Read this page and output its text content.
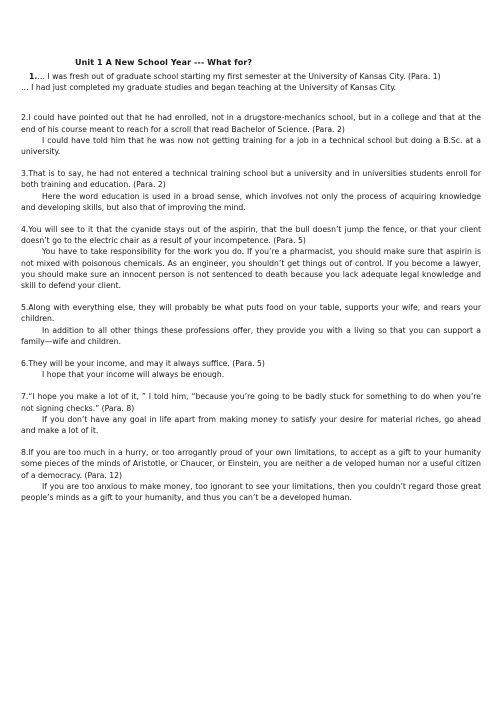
Unit 1 A New School Year --- What for?

1.… I was fresh out of graduate school starting my first semester at the University of Kansas City. (Para. 1)

… I had just completed my graduate studies and began teaching at the University of Kansas City.

2.I could have pointed out that he had enrolled, not in a drugstore-mechanics school, but in a college and that at the end of his course meant to reach for a scroll that read Bachelor of Science. (Para. 2)

I could have told him that he was now not getting training for a job in a technical school but doing a B.Sc. at a university.

3.That is to say, he had not entered a technical training school but a university and in universities students enroll for both training and education. (Para. 2)

Here the word education is used in a broad sense, which involves not only the process of acquiring knowledge and developing skills, but also that of improving the mind.

4.You will see to it that the cyanide stays out of the aspirin, that the bull doesn’t jump the fence, or that your client doesn’t go to the electric chair as a result of your incompetence. (Para. 5)

You have to take responsibility for the work you do. If you’re a pharmacist, you should make sure that aspirin is not mixed with poisonous chemicals. As an engineer, you shouldn’t get things out of control. If you become a lawyer, you should make sure an innocent person is not sentenced to death because you lack adequate legal knowledge and skill to defend your client.

5.Along with everything else, they will probably be what puts food on your table, supports your wife, and rears your children.

In addition to all other things these professions offer, they provide you with a living so that you can support a family—wife and children.

6.They will be your income, and may it always suffice. (Para. 5)

I hope that your income will always be enough.

7.“I hope you make a lot of it, ” I told him, “because you’re going to be badly stuck for something to do when you’re not signing checks.” (Para. 8)

If you don’t have any goal in life apart from making money to satisfy your desire for material riches, go ahead and make a lot of it.

8.If you are too much in a hurry, or too arrogantly proud of your own limitations, to accept as a gift to your humanity some pieces of the minds of Aristotle, or Chaucer, or Einstein, you are neither a de veloped human nor a useful citizen of a democracy. (Para. 12)

If you are too anxious to make money, too ignorant to see your limitations, then you couldn’t regard those great people’s minds as a gift to your humanity, and thus you can’t be a developed human.
